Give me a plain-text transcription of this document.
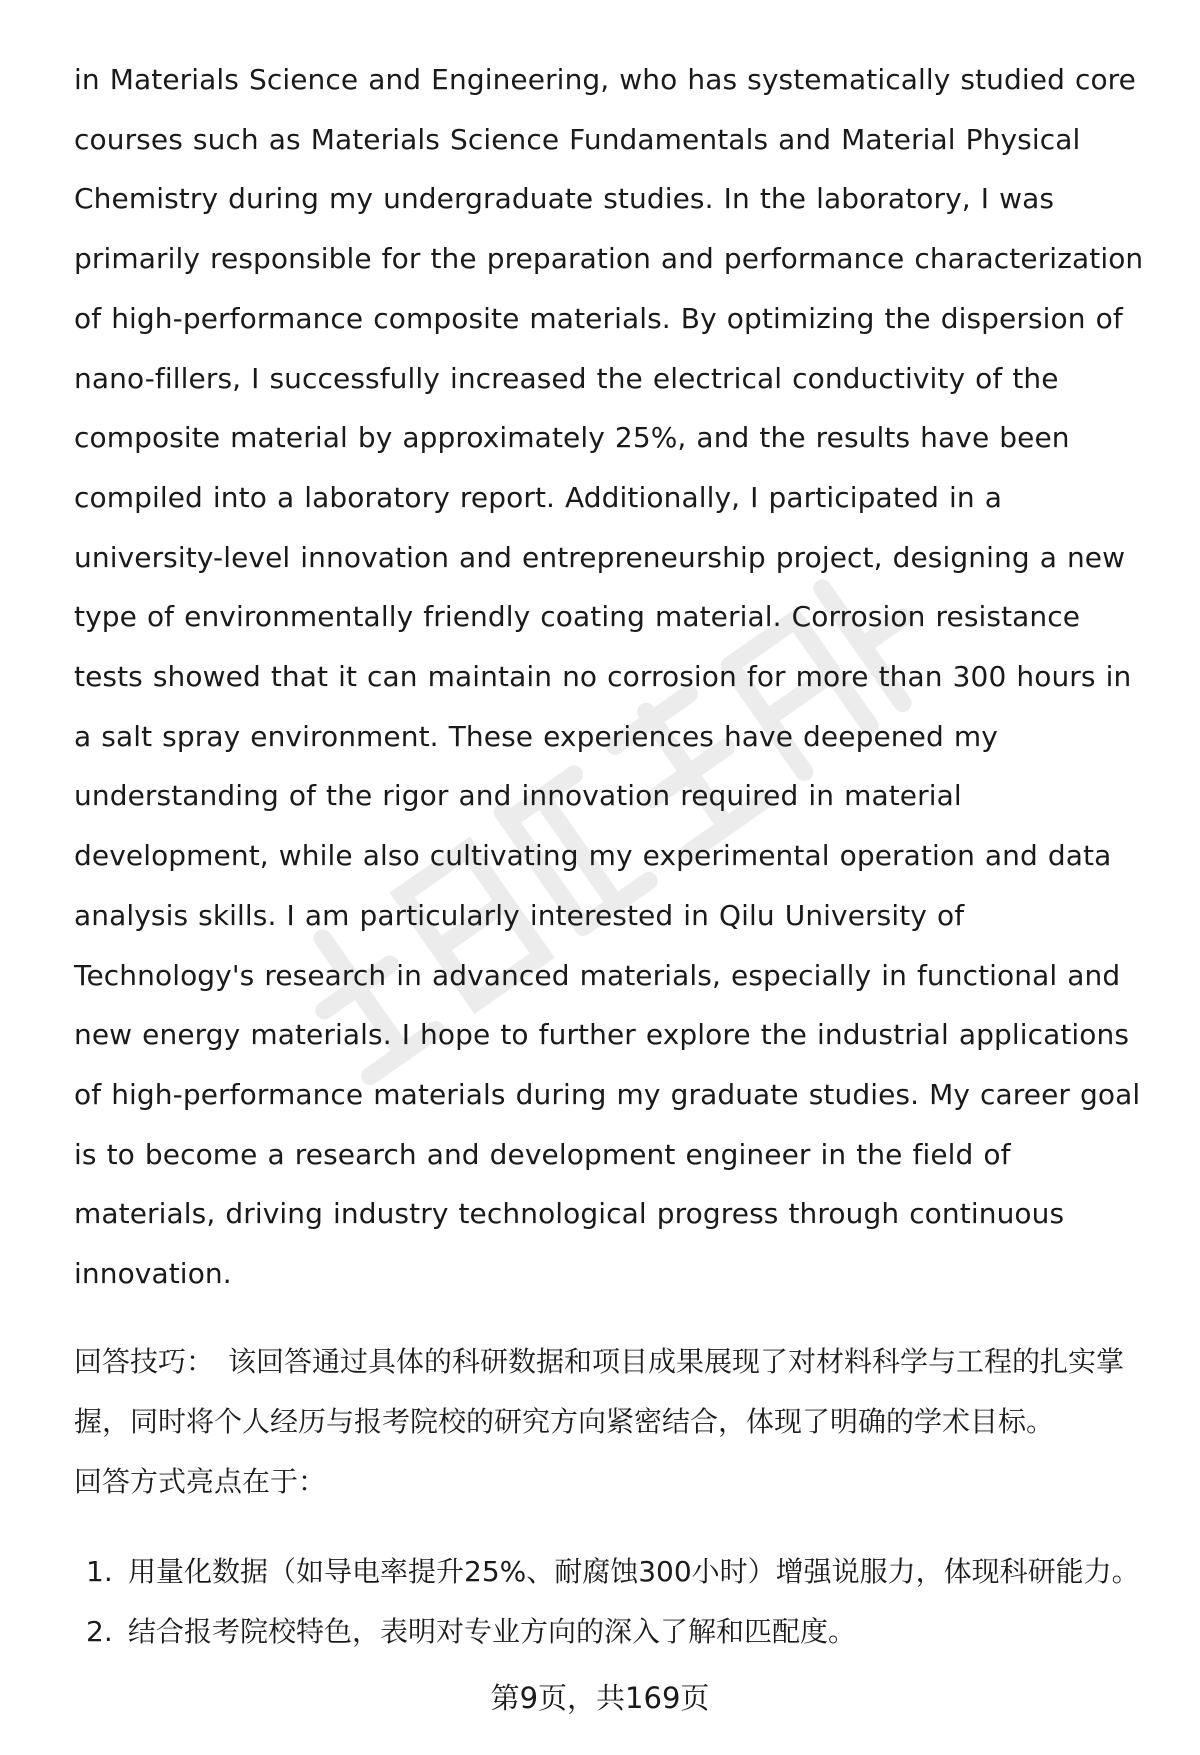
in Materials Science and Engineering, who has systematically studied core courses such as Materials Science Fundamentals and Material Physical Chemistry during my undergraduate studies. In the laboratory, I was primarily responsible for the preparation and performance characterization of high-performance composite materials. By optimizing the dispersion of nano-fillers, I successfully increased the electrical conductivity of the composite material by approximately 25%, and the results have been compiled into a laboratory report. Additionally, I participated in a university-level innovation and entrepreneurship project, designing a new type of environmentally friendly coating material. Corrosion resistance tests showed that it can maintain no corrosion for more than 300 hours in a salt spray environment. These experiences have deepened my understanding of the rigor and innovation required in material development, while also cultivating my experimental operation and data analysis skills. I am particularly interested in Qilu University of Technology's research in advanced materials, especially in functional and new energy materials. I hope to further explore the industrial applications of high-performance materials during my graduate studies. My career goal is to become a research and development engineer in the field of materials, driving industry technological progress through continuous innovation.

回答技巧： 该回答通过具体的科研数据和项目成果展现了对材料科学与工程的扎实掌握，同时将个人经历与报考院校的研究方向紧密结合，体现了明确的学术目标。

回答方式亮点在于：

1. 用量化数据（如导电率提升25%、耐腐蚀300小时）增强说服力，体现科研能力。
2. 结合报考院校特色，表明对专业方向的深入了解和匹配度。
第9页，共169页
